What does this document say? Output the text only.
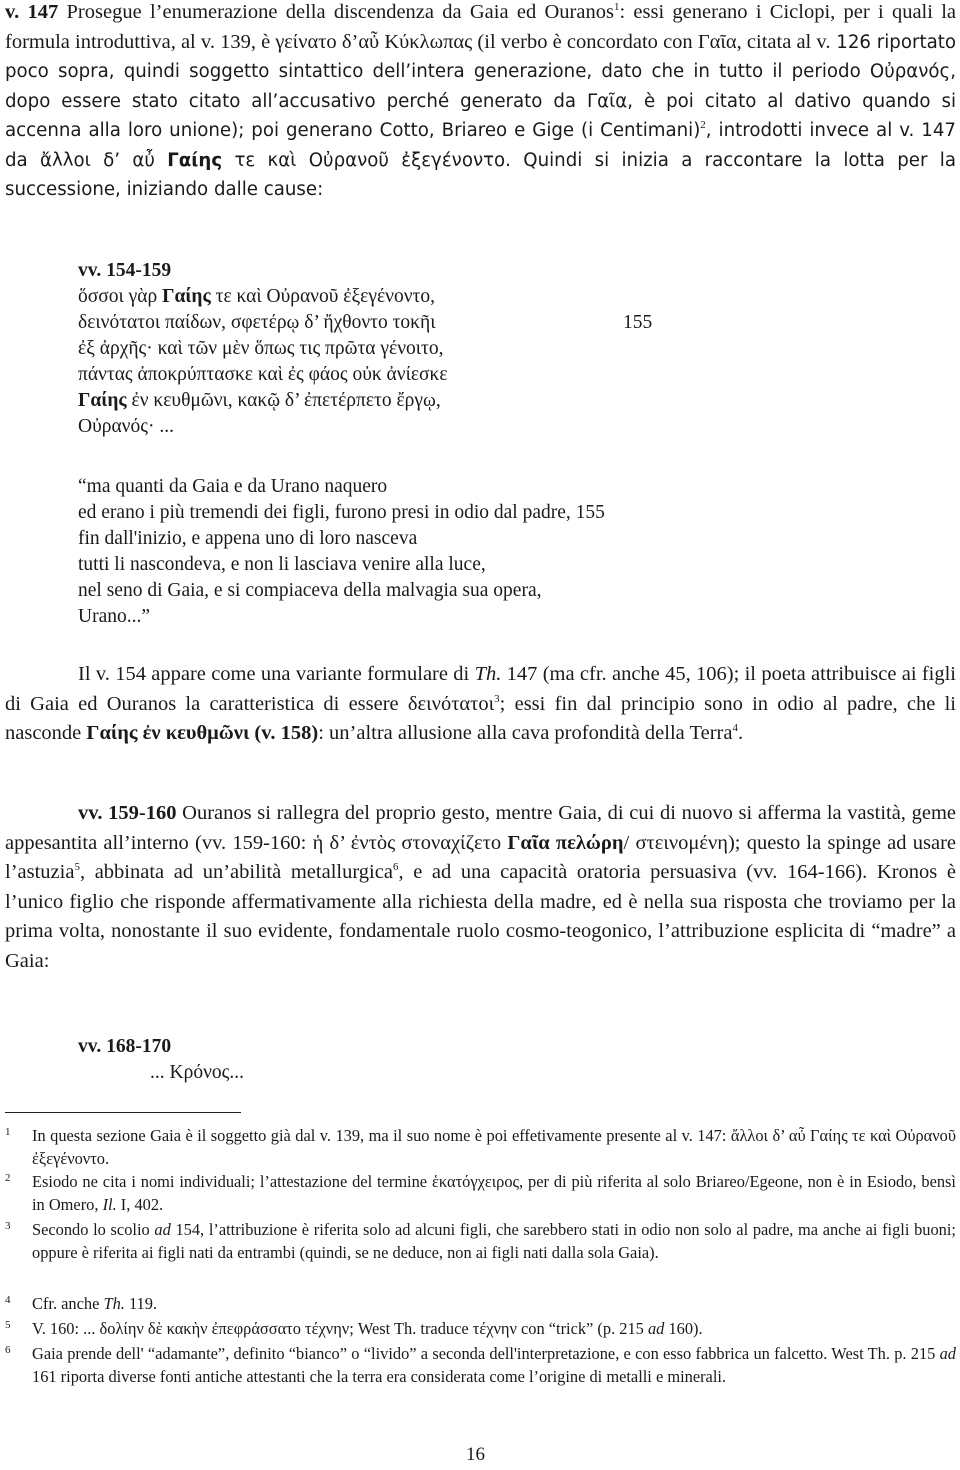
v. 147 Prosegue l’enumerazione della discendenza da Gaia ed Ouranos$^1$: essi generano i Ciclopi, per i quali la formula introduttiva, al v. 139, è γείνατο δ’αὖ Κύκλωπας (il verbo è concordato con Γαῖα, citata al v. 126 riportato poco sopra, quindi soggetto sintattico dell’intera generazione, dato che in tutto il periodo Οὐρανός, dopo essere stato citato all’accusativo perché generato da Γαῖα, è poi citato al dativo quando si accenna alla loro unione); poi generano Cotto, Briareo e Gige (i Centimani)$^2$, introdotti invece al v. 147 da ἄλλοι δ’ αὖ Γαίης τε καὶ Οὐρανοῦ ἐξεγένοντο. Quindi si inizia a raccontare la lotta per la successione, iniziando dalle cause:

vv. 154-159
ὅσσοι γὰρ Γαίης τε καὶ Οὐρανοῦ ἐξεγένοντο,
δεινότατοι παίδων, σφετέρῳ δ’ ἤχθοντο τοκῆι	155
ἐξ ἀρχῆς· καὶ τῶν μὲν ὅπως τις πρῶτα γένοιτο,
πάντας ἀποκρύπτασκε καὶ ἐς φάος οὐκ ἀνίεσκε
Γαίης ἐν κευθμῶνι, κακῷ δ’ ἐπετέρπετο ἔργῳ,
Οὐρανός· ...
“ma quanti da Gaia e da Urano naquero
ed erano i più tremendi dei figli, furono presi in odio dal padre, 155
fin dall'inizio, e appena uno di loro nasceva
tutti li nascondeva, e non li lasciava venire alla luce,
nel seno di Gaia, e si compiaceva della malvagia sua opera,
Urano...”

Il v. 154 appare come una variante formulare di Th. 147 (ma cfr. anche 45, 106); il poeta attribuisce ai figli di Gaia ed Ouranos la caratteristica di essere δεινότατοι$^3$; essi fin dal principio sono in odio al padre, che li nasconde Γαίης ἐν κευθμῶνι (v. 158): un’altra allusione alla cava profondità della Terra$^4$.

vv. 159-160 Ouranos si rallegra del proprio gesto, mentre Gaia, di cui di nuovo si afferma la vastità, geme appesantita all’interno (vv. 159-160: ἡ δ’ ἐντὸς στοναχίζετο Γαῖα πελώρη/ στεινομένη); questo la spinge ad usare l’astuzia$^5$, abbinata ad un’abilità metallurgica$^6$, e ad una capacità oratoria persuasiva (vv. 164-166). Kronos è l’unico figlio che risponde affermativamente alla richiesta della madre, ed è nella sua risposta che troviamo per la prima volta, nonostante il suo evidente, fondamentale ruolo cosmo-teogonico, l’attribuzione esplicita di “madre” a Gaia:

vv. 168-170
... Κρόνος...
1 In questa sezione Gaia è il soggetto già dal v. 139, ma il suo nome è poi effetivamente presente al v. 147: ἄλλοι δ’ αὖ Γαίης τε καὶ Οὐρανοῦ ἐξεγένοντο.
2 Esiodo ne cita i nomi individuali; l’attestazione del termine ἑκατόγχειρος, per di più riferita al solo Briareo/Egeone, non è in Esiodo, bensì in Omero, Il. I, 402.
3 Secondo lo scolio ad 154, l’attribuzione è riferita solo ad alcuni figli, che sarebbero stati in odio non solo al padre, ma anche ai figli buoni; oppure è riferita ai figli nati da entrambi (quindi, se ne deduce, non ai figli nati dalla sola Gaia).
4 Cfr. anche Th. 119.
5 V. 160: ... δολίην δὲ κακὴν ἐπεφράσσατο τέχνην; West Th. traduce τέχνην con “trick” (p. 215 ad 160).
6 Gaia prende dell' “adamante”, definito “bianco” o “livido” a seconda dell'interpretazione, e con esso fabbrica un falcetto. West Th. p. 215 ad 161 riporta diverse fonti antiche attestanti che la terra era considerata come l’origine di metalli e minerali.
16
